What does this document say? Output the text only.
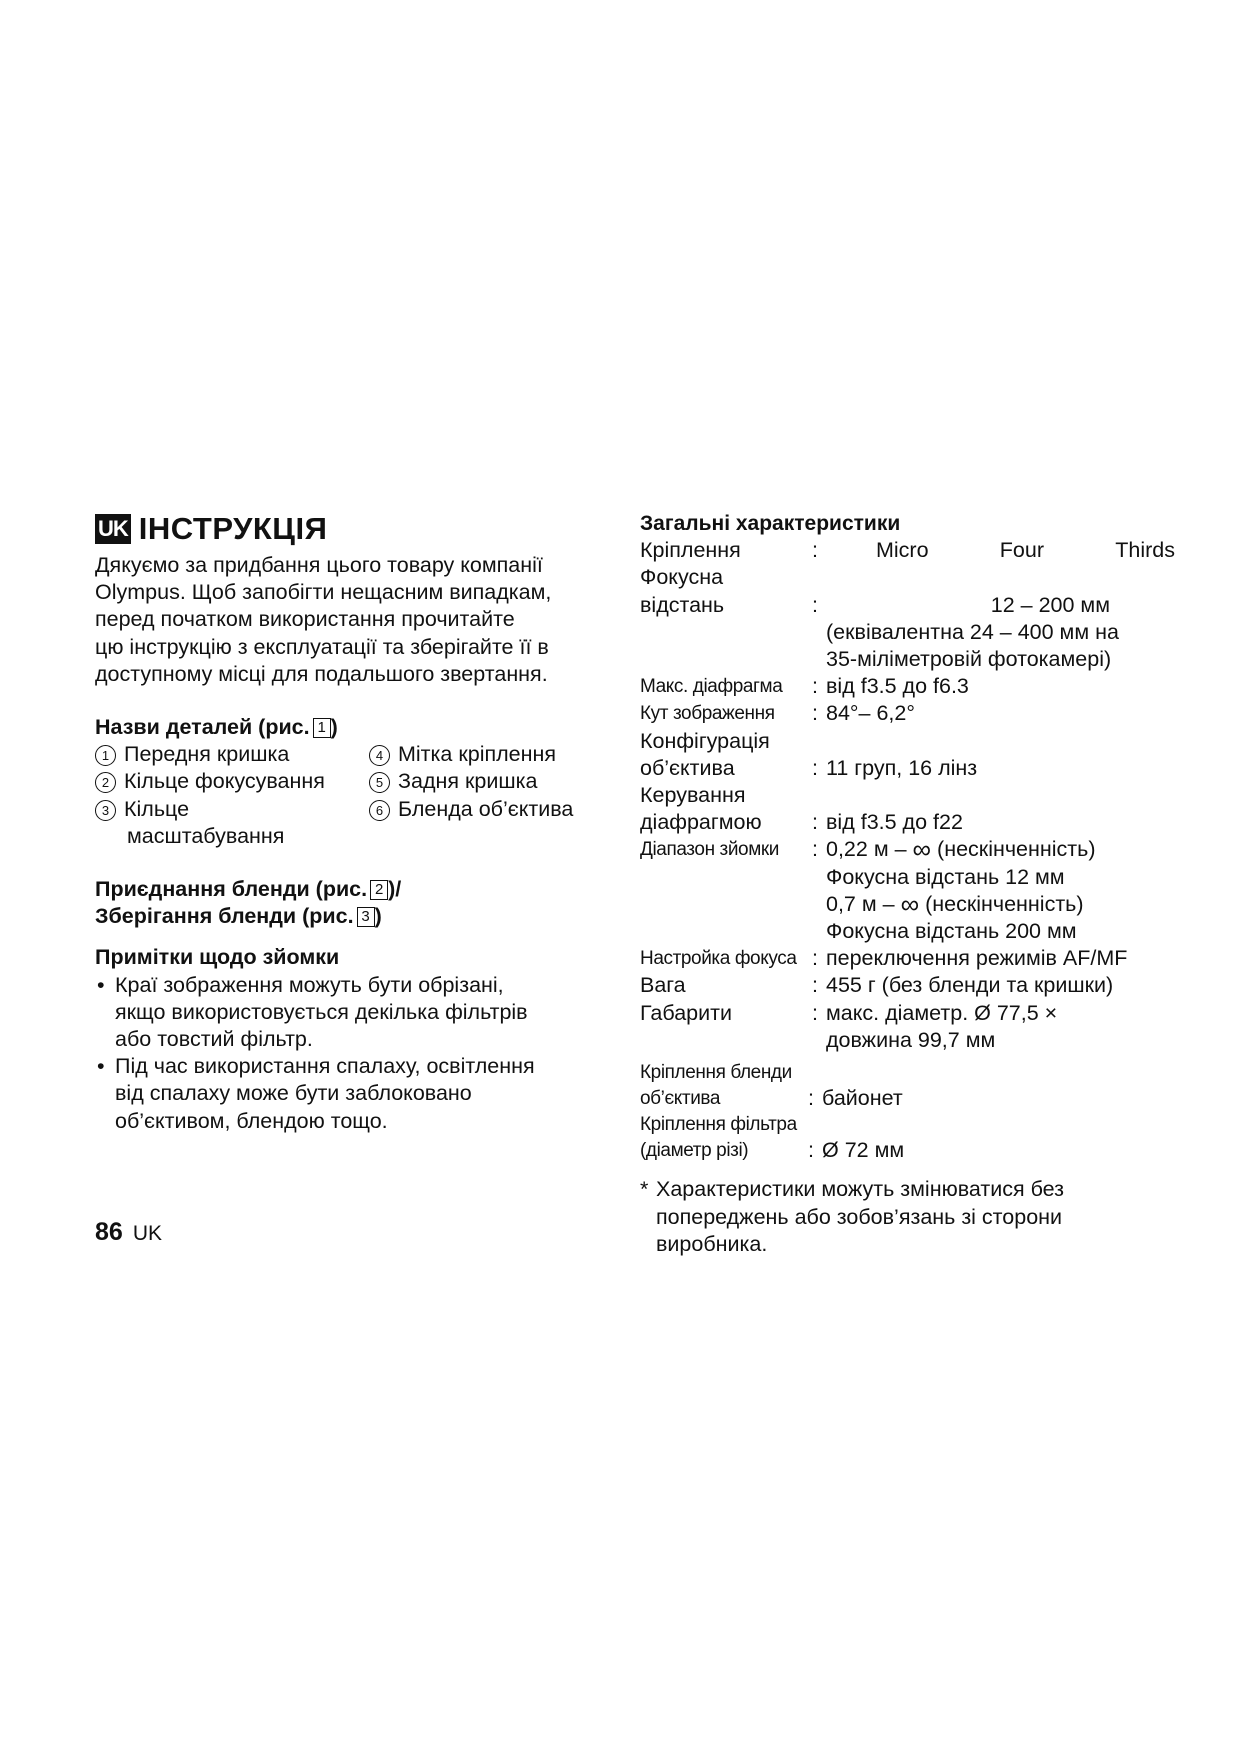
UK ІНСТРУКЦІЯ

Дякуємо за придбання цього товару компанії

Olympus. Щоб запобігти нещасним випадкам,

перед початком використання прочитайте

цю інструкцію з експлуатації та зберігайте її в

доступному місці для подальшого звертання.

Назви деталей (рис. 1 )

1 Передня кришка	4 Мітка кріплення
2 Кільце фокусування	5 Задня кришка
3 Кільце	6 Бленда об’єктива
масштабування

Приєднання бленди (рис. 2 )/

Зберігання бленди (рис. 3 )

Примітки щодо зйомки

• Краї зображення можуть бути обрізані,
якщо використовується декілька фільтрів
або товстий фільтр.
• Під час використання спалаху, освітлення
від спалаху може бути заблоковано
об’єктивом, блендою тощо.
86 UK

Загальні характеристики

Кріплення	:	Micro	Four	Thirds
Фокусна
відстань	:	12 – 200 мм
(еквівалентна 24 – 400 мм на
35-міліметровій фотокамері)
Макс. діафрагма	: від f3.5 до f6.3
Кут зображення	: 84°– 6,2°
Конфігурація
об’єктива	: 11 груп, 16 лінз
Керування
діафрагмою	: від f3.5 до f22
Діапазон зйомки	: 0,22 м – ∞ (нескінченність)
Фокусна відстань 12 мм
0,7 м – ∞ (нескінченність)
Фокусна відстань 200 мм
Настройка фокуса : переключення режимів AF/MF
Вага	: 455 г (без бленди та кришки)
Габарити	: макс. діаметр. Ø 77,5 ×
довжина 99,7 мм
Кріплення бленди
об’єктива	: байонет
Кріплення фільтра
(діаметр різі)	: Ø 72 мм
* Характеристики можуть змінюватися без
попереджень або зобов’язань зі сторони
виробника.
